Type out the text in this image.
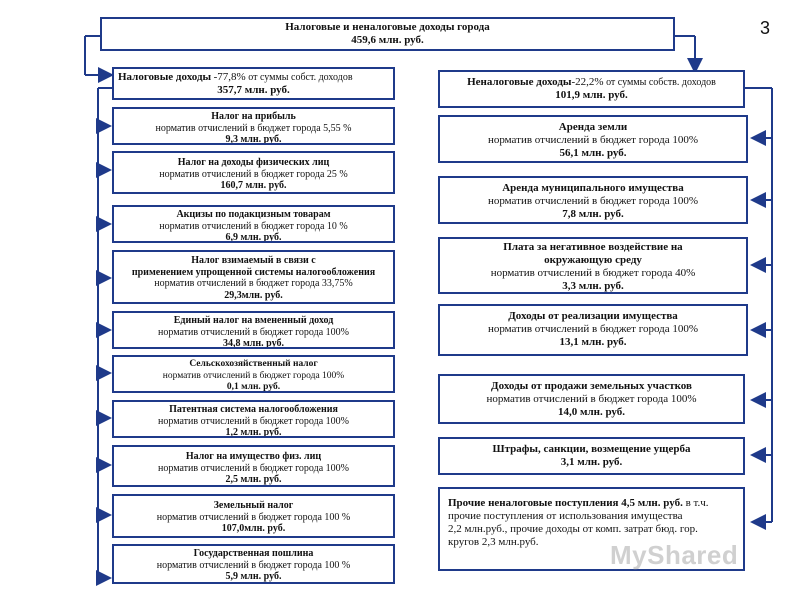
3
Налоговые и неналоговые доходы города
459,6 млн. руб.
Налоговые доходы -77,8% от суммы собст. доходов
357,7 млн. руб.
Налог на прибыль
норматив отчислений в бюджет города 5,55 %
9,3 млн. руб.
Налог на доходы физических лиц
норматив отчислений в бюджет города 25 %
160,7 млн. руб.
Акцизы по подакцизным товарам
норматив отчислений в бюджет города 10 %
6,9 млн. руб.
Налог взимаемый в связи с
применением упрощенной системы налогообложения
норматив отчислений в бюджет города 33,75%
29,3млн. руб.
Единый налог на вмененный доход
норматив отчислений в бюджет города 100%
34,8 млн. руб.
Сельскохозяйственный налог
норматив отчислений в бюджет города 100%
0,1 млн. руб.
Патентная система налогообложения
норматив отчислений в бюджет города 100%
1,2 млн. руб.
Налог на имущество физ. лиц
норматив отчислений в бюджет города 100%
2,5 млн. руб.
Земельный налог
норматив отчислений в бюджет города 100 %
107,0млн. руб.
Государственная пошлина
норматив отчислений в бюджет города 100 %
5,9 млн. руб.
Неналоговые доходы-22,2% от суммы собств. доходов
101,9 млн. руб.
Аренда земли
норматив отчислений в бюджет города 100%
56,1 млн. руб.
Аренда муниципального имущества
норматив отчислений в бюджет города 100%
7,8 млн. руб.
Плата за негативное воздействие на
окружающую среду
норматив отчислений в бюджет города 40%
3,3 млн. руб.
Доходы от реализации имущества
норматив отчислений в бюджет города 100%
13,1 млн. руб.
Доходы от продажи земельных участков
норматив отчислений в бюджет города 100%
14,0 млн. руб.
Штрафы, санкции, возмещение ущерба
3,1 млн. руб.
Прочие неналоговые поступления 4,5 млн. руб. в т.ч.
прочие поступления от использования имущества
2,2 млн.руб., прочие доходы от комп. затрат бюд. гор.
кругов 2,3 млн.руб.	MyShared
